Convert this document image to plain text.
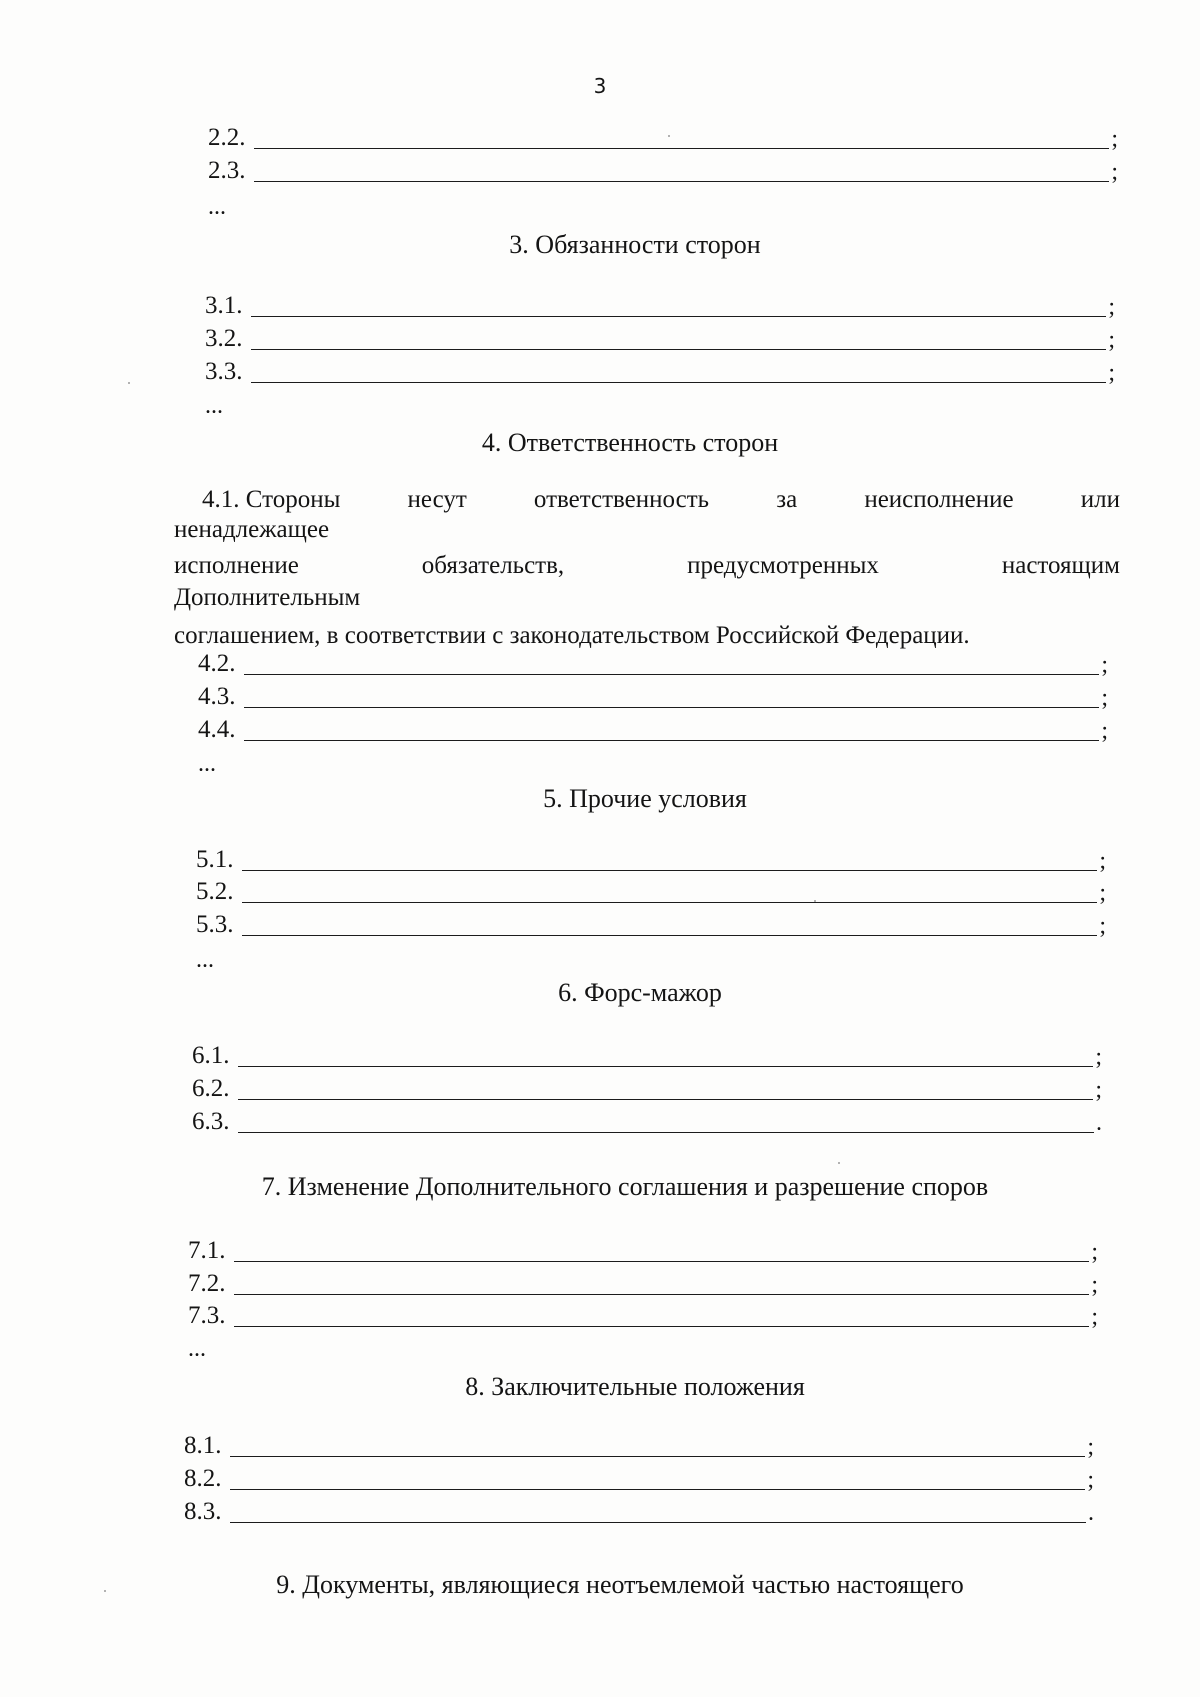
3
2.2.	;
2.3.	;
...
3. Обязанности сторон
3.1.	;
3.2.	;
3.3.	;
...
4. Ответственность сторон
4.1. Стороны	несут	ответственность	за	неисполнение	или
ненадлежащее
исполнение	обязательств,	предусмотренных	настоящим
Дополнительным
соглашением, в соответствии с законодательством Российской Федерации.
4.2.	;
4.3.	;
4.4.	;
...
5. Прочие условия
5.1.	;
5.2.	;
5.3.	;
...
6. Форс-мажор
6.1.	;
6.2.	;
6.3.	.
7. Изменение Дополнительного соглашения и разрешение споров
7.1.	;
7.2.	;
7.3.	;
...
8. Заключительные положения
8.1.	;
8.2.	;
8.3.	.
9. Документы, являющиеся неотъемлемой частью настоящего
